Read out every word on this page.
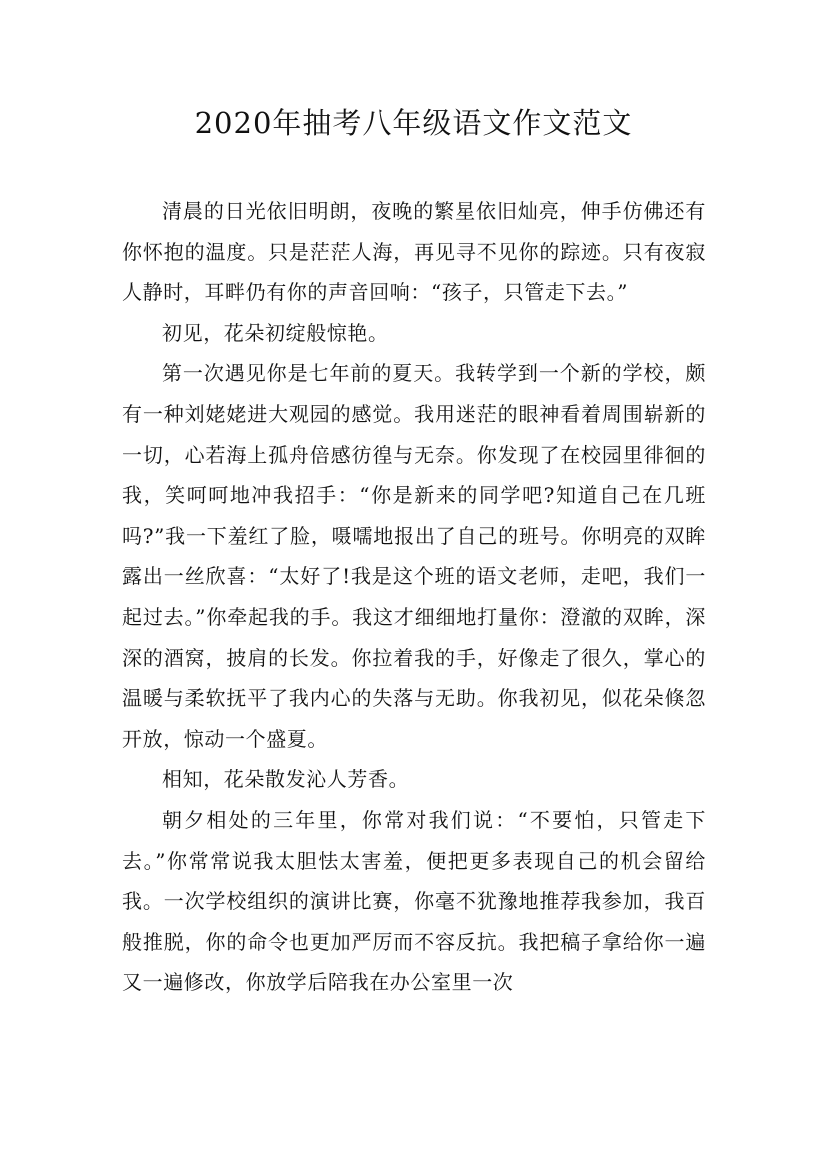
2020年抽考八年级语文作文范文

清晨的日光依旧明朗，夜晚的繁星依旧灿亮，伸手仿佛还有你怀抱的温度。只是茫茫人海，再见寻不见你的踪迹。只有夜寂人静时，耳畔仍有你的声音回响：“孩子，只管走下去。”

初见，花朵初绽般惊艳。

第一次遇见你是七年前的夏天。我转学到一个新的学校，颇有一种刘姥姥进大观园的感觉。我用迷茫的眼神看着周围崭新的一切，心若海上孤舟倍感彷徨与无奈。你发现了在校园里徘徊的我，笑呵呵地冲我招手：“你是新来的同学吧?知道自己在几班吗?”我一下羞红了脸，嗫嚅地报出了自己的班号。你明亮的双眸露出一丝欣喜：“太好了!我是这个班的语文老师，走吧，我们一起过去。”你牵起我的手。我这才细细地打量你：澄澈的双眸，深深的酒窝，披肩的长发。你拉着我的手，好像走了很久，掌心的温暖与柔软抚平了我内心的失落与无助。你我初见，似花朵倏忽开放，惊动一个盛夏。

相知，花朵散发沁人芳香。

朝夕相处的三年里，你常对我们说：“不要怕，只管走下去。”你常常说我太胆怯太害羞，便把更多表现自己的机会留给我。一次学校组织的演讲比赛，你毫不犹豫地推荐我参加，我百般推脱，你的命令也更加严厉而不容反抗。我把稿子拿给你一遍又一遍修改，你放学后陪我在办公室里一次
